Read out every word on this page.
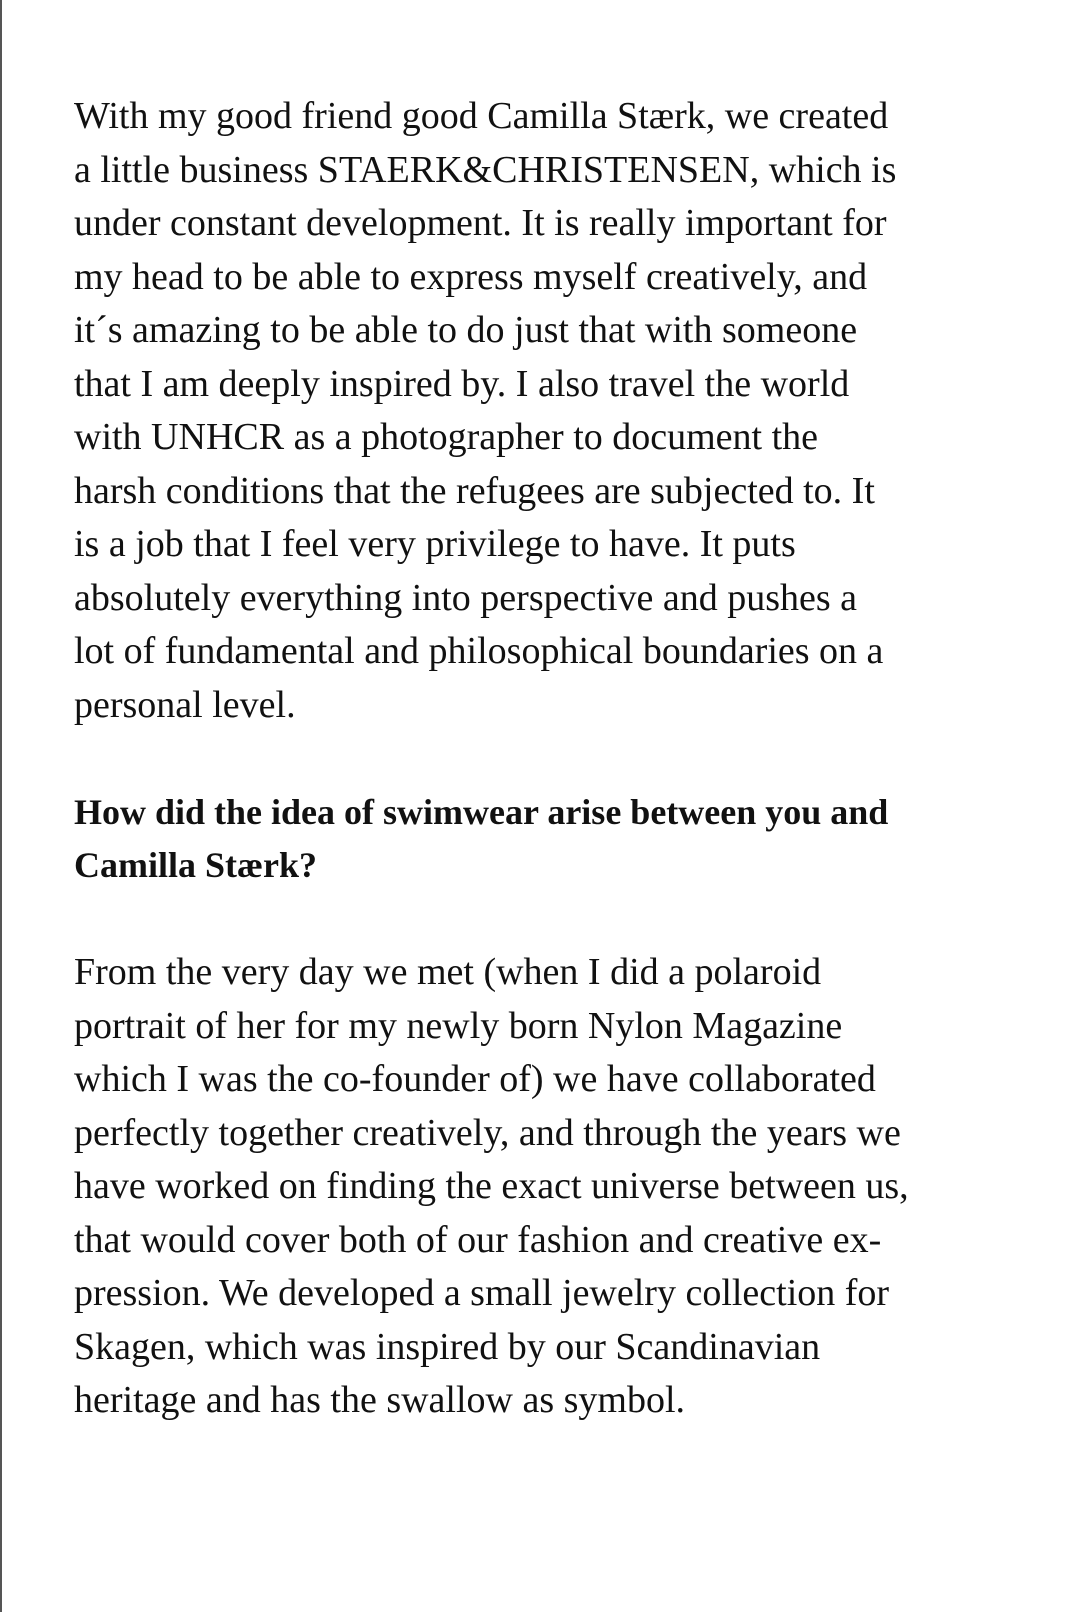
With my good friend good Camilla Stærk, we created
a little business STAERK&CHRISTENSEN, which is
under constant development. It is really important for
my head to be able to express myself creatively, and
it´s amazing to be able to do just that with someone
that I am deeply inspired by. I also travel the world
with UNHCR as a photographer to document the
harsh conditions that the refugees are subjected to. It
is a job that I feel very privilege to have. It puts
absolutely everything into perspective and pushes a
lot of fundamental and philosophical boundaries on a
personal level.

How did the idea of swimwear arise between you and
Camilla Stærk?

From the very day we met (when I did a polaroid
portrait of her for my newly born Nylon Magazine
which I was the co-founder of) we have collaborated
perfectly together creatively, and through the years we
have worked on finding the exact universe between us,
that would cover both of our fashion and creative ex-
pression. We developed a small jewelry collection for
Skagen, which was inspired by our Scandinavian
heritage and has the swallow as symbol.
